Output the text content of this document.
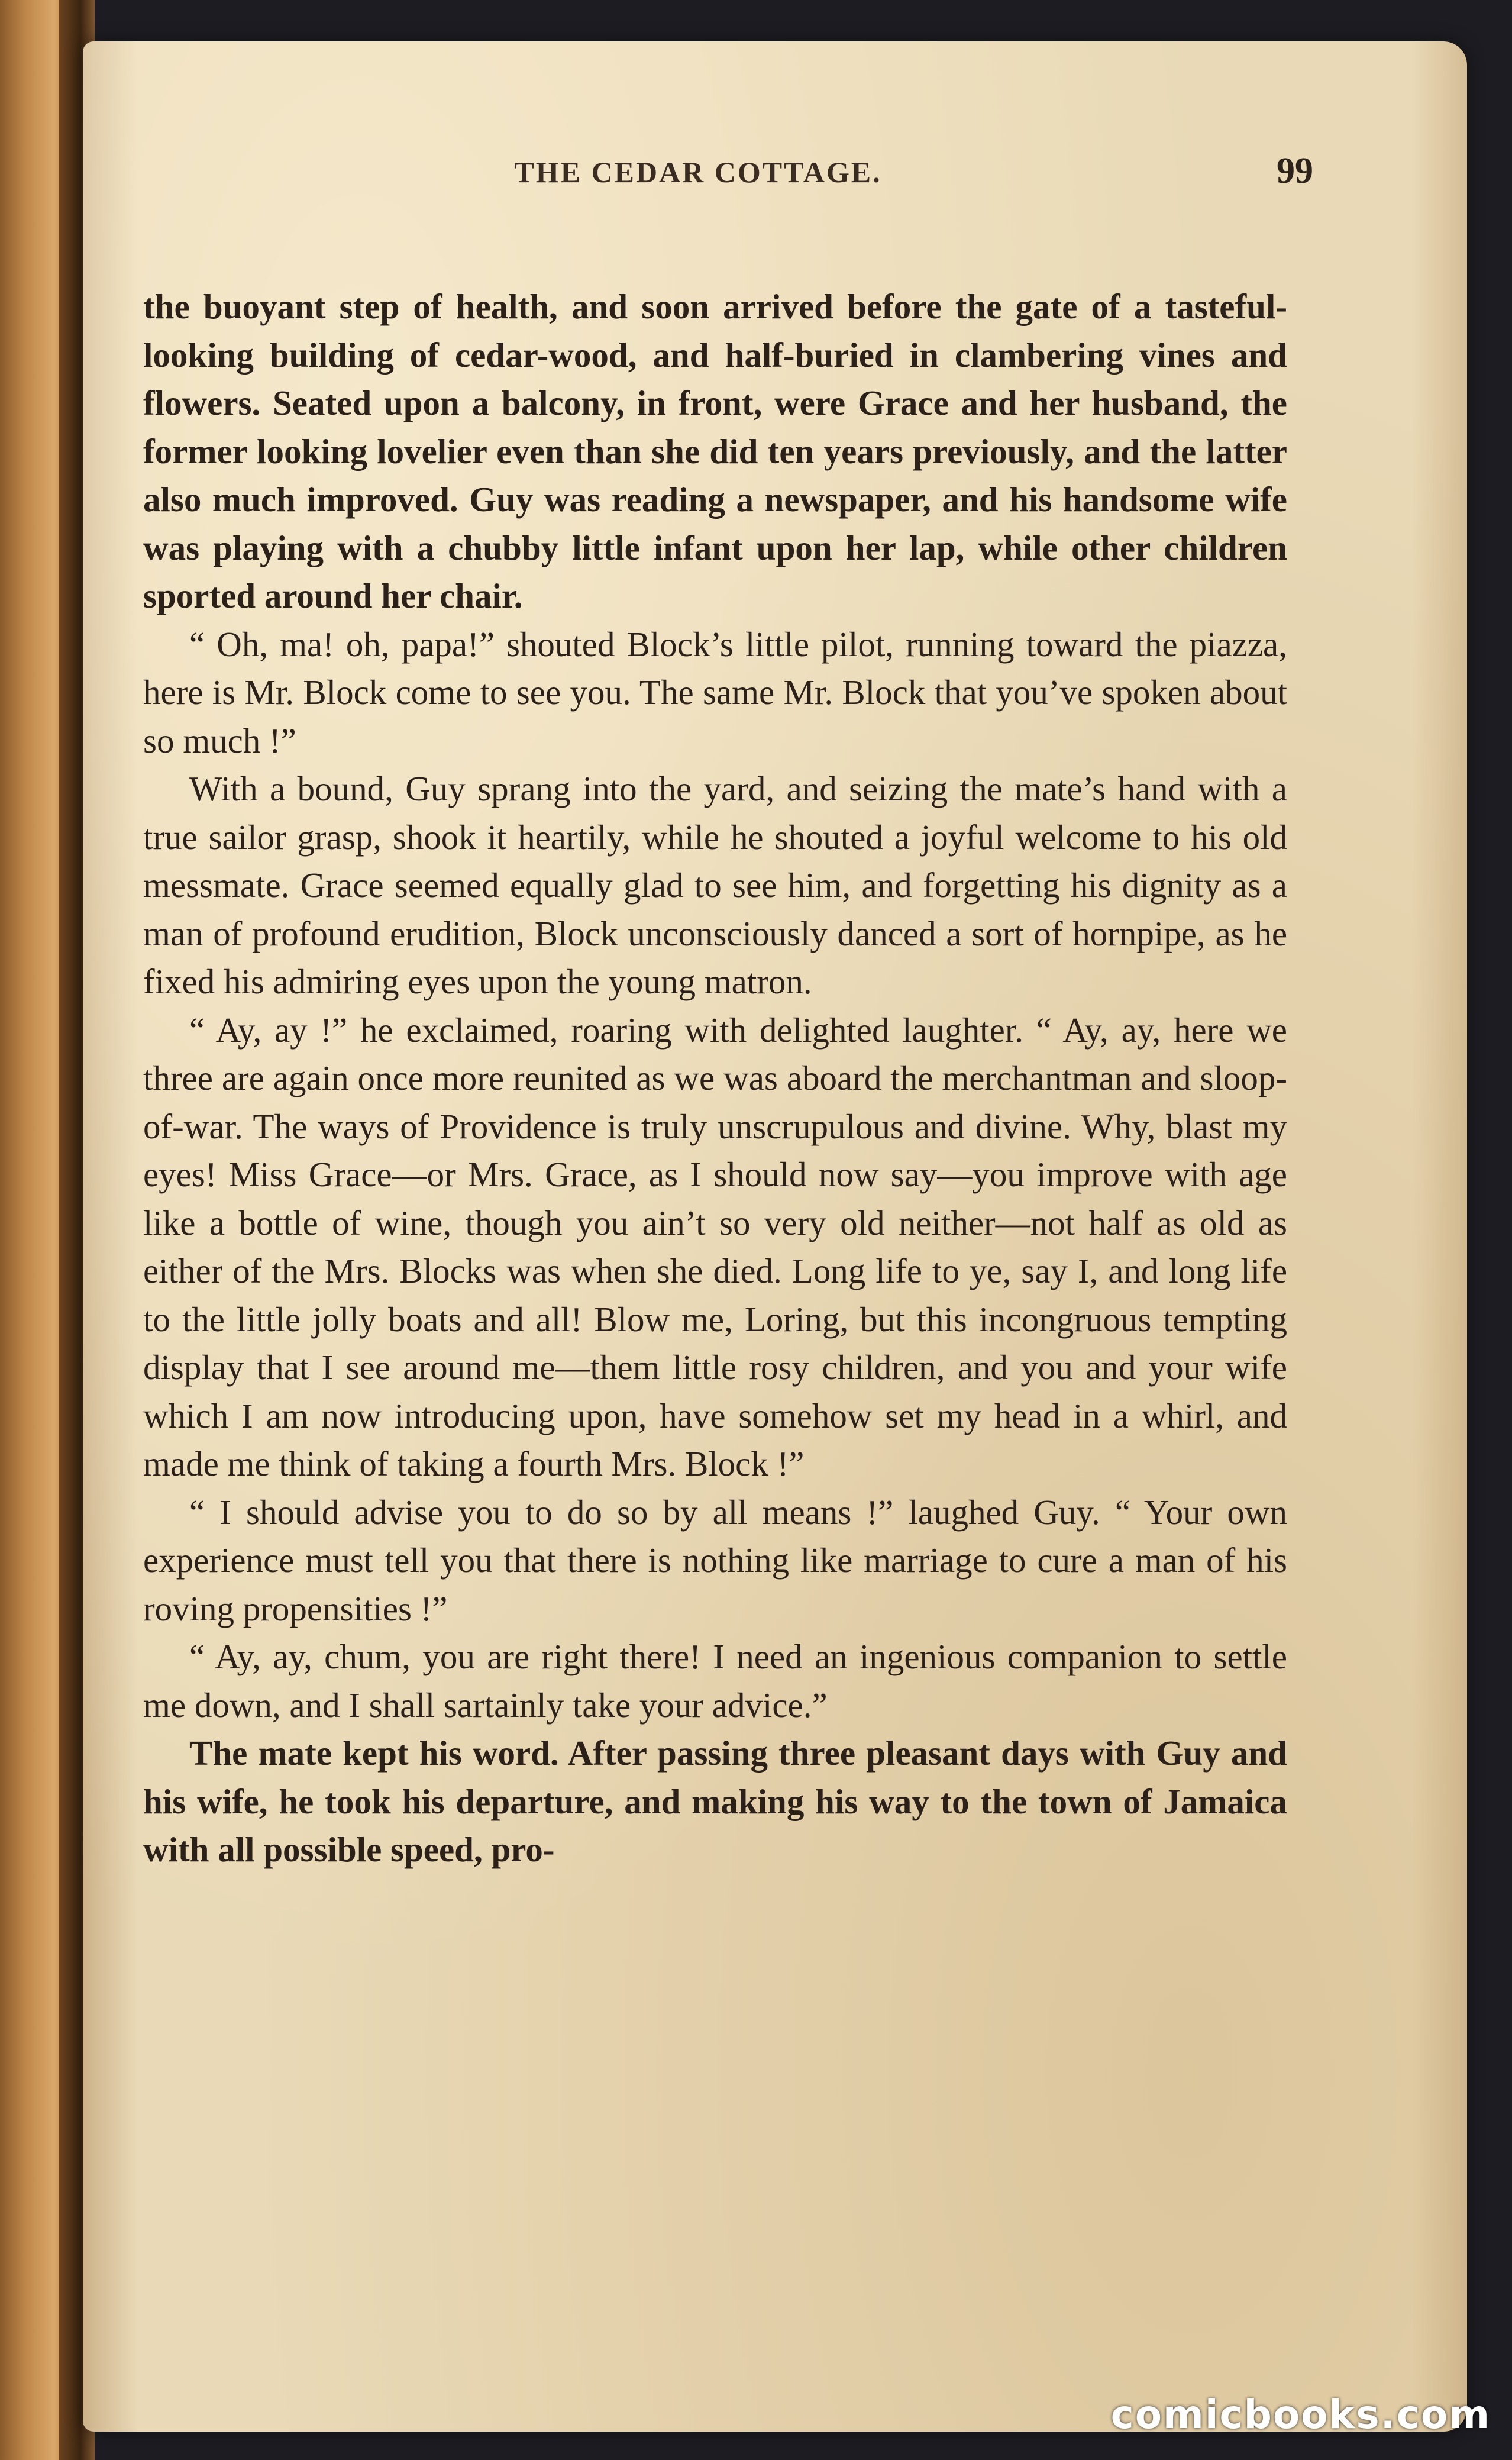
THE CEDAR COTTAGE.	99

the buoyant step of health, and soon arrived before the gate of a tasteful-looking building of cedar-wood, and half-buried in clambering vines and flowers. Seated upon a balcony, in front, were Grace and her husband, the former looking lovelier even than she did ten years previously, and the latter also much improved. Guy was reading a newspaper, and his handsome wife was playing with a chubby little infant upon her lap, while other children sported around her chair.

“ Oh, ma! oh, papa!” shouted Block’s little pilot, running toward the piazza, here is Mr. Block come to see you. The same Mr. Block that you’ve spoken about so much !”

With a bound, Guy sprang into the yard, and seizing the mate’s hand with a true sailor grasp, shook it heartily, while he shouted a joyful welcome to his old messmate. Grace seemed equally glad to see him, and forgetting his dignity as a man of profound erudition, Block unconsciously danced a sort of hornpipe, as he fixed his admiring eyes upon the young matron.

“ Ay, ay !” he exclaimed, roaring with delighted laughter. “ Ay, ay, here we three are again once more reunited as we was aboard the merchantman and sloop-of-war. The ways of Providence is truly unscrupulous and divine. Why, blast my eyes! Miss Grace—or Mrs. Grace, as I should now say—you improve with age like a bottle of wine, though you ain’t so very old neither—not half as old as either of the Mrs. Blocks was when she died. Long life to ye, say I, and long life to the little jolly boats and all! Blow me, Loring, but this incongruous tempting display that I see around me—them little rosy children, and you and your wife which I am now introducing upon, have somehow set my head in a whirl, and made me think of taking a fourth Mrs. Block !”

“ I should advise you to do so by all means !” laughed Guy. “ Your own experience must tell you that there is nothing like marriage to cure a man of his roving propensities !”

“ Ay, ay, chum, you are right there! I need an ingenious companion to settle me down, and I shall sartainly take your advice.”

The mate kept his word. After passing three pleasant days with Guy and his wife, he took his departure, and making his way to the town of Jamaica with all possible speed, pro-

comicbooks.com
